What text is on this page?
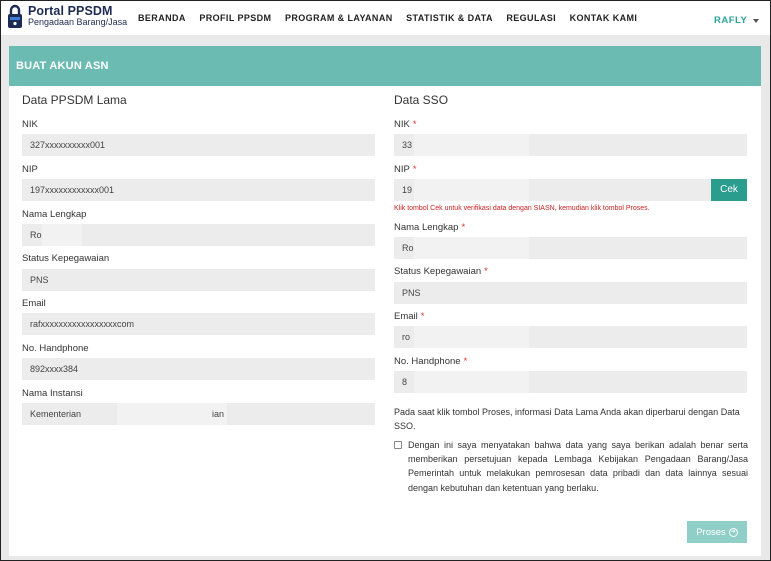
Portal PPSDM
Pengadaan Barang/Jasa BERANDA PROFIL PPSDM PROGRAM & LAYANAN STATISTIK & DATA REGULASI KONTAK KAMI	RAFLY
BUAT AKUN ASN
Data PPSDM Lama
NIK
327xxxxxxxxxx001
NIP
197xxxxxxxxxxxx001
Nama Lengkap
Ro
Status Kepegawaian
PNS
Email
rafxxxxxxxxxxxxxxxxxcom
No. Handphone
892xxxx384
Nama Instansi
Kementerian	ian
Data SSO
NIK *
33
NIP *
19	Cek
Klik tombol Cek untuk verifikasi data dengan SIASN, kemudian klik tombol Proses.
Nama Lengkap *
Ro
Status Kepegawaian *
PNS
Email *
ro
No. Handphone *
8
Pada saat klik tombol Proses, informasi Data Lama Anda akan diperbarui dengan Data SSO.
Dengan ini saya menyatakan bahwa data yang saya berikan adalah benar serta memberikan persetujuan kepada Lembaga Kebijakan Pengadaan Barang/Jasa Pemerintah untuk melakukan pemrosesan data pribadi dan data lainnya sesuai dengan kebutuhan dan ketentuan yang berlaku.
Proses ➜
